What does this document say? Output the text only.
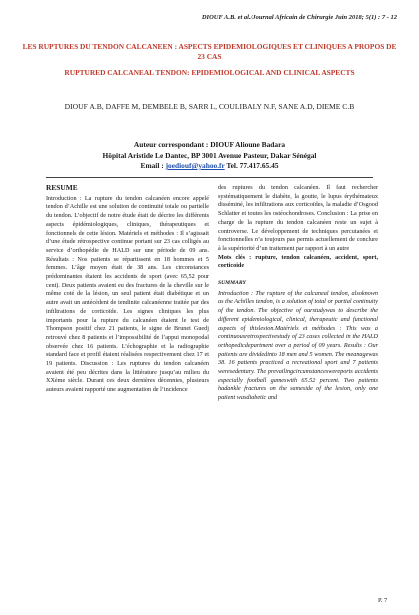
DIOUF A.B. et al./Journal Africain de Chirurgie Juin 2018; 5(1) : 7 - 12
LES RUPTURES DU TENDON CALCANEEN : ASPECTS EPIDEMIOLOGIQUES ET CLINIQUES A PROPOS DE 23 CAS
RUPTURED CALCANEAL TENDON: EPIDEMIOLOGICAL AND CLINICAL ASPECTS
DIOUF A.B, DAFFE M, DEMBELE B, SARR L, COULIBALY N.F, SANE A.D, DIEME C.B
Auteur correspondant : DIOUF Alioune Badara
Hôpital Aristide Le Dantec, BP 3001 Avenue Pasteur, Dakar Sénégal
Email : joediouf@yahoo.fr Tel. 77.417.65.45
RESUME

Introduction : La rupture du tendon calcanéen encore appelé tendon d’Achille est une solution de continuité totale ou partielle du tendon. L’objectif de notre étude était de décrire les différents aspects épidémiologiques, cliniques, thérapeutiques et fonctionnels de cette lésion. Matériels et méthodes : Il s’agissait d’une étude rétrospective continue portant sur 23 cas colligés au service d’orthopédie de HALD sur une période de 09 ans. Résultats : Nos patients se répartissent en 18 hommes et 5 femmes. L’âge moyen était de 38 ans. Les circonstances prédominantes étaient les accidents de sport (avec 65,52 pour cent). Deux patients avaient eu des fractures de la cheville sur le même coté de la lésion, un seul patient était diabétique et un autre avait un antécédent de tendinite calcanéenne traitée par des infiltrations de corticoïde. Les signes cliniques les plus importants pour la rupture du calcanéen étaient le test de Thompson positif chez 21 patients, le signe de Brunet Guedj retrouvé chez 8 patients et l’impossibilité de l’appui monopodal observée chez 16 patients. L’échographie et la radiographie standard face et profil étaient réalisées respectivement chez 17 et 19 patients. Discussion : Les ruptures du tendon calcanéen avaient été peu décrites dans la littérature jusqu’au milieu du XXème siècle. Durant ces deux dernières décennies, plusieurs auteurs avaient rapporté une augmentation de l’incidence

des ruptures du tendon calcanéen. Il faut rechercher systématiquement le diabète, la goutte, le lupus érythémateux disséminé, les infiltrations aux corticoïdes, la maladie d’Osgood Schlatter et toutes les ostéochondroses. Conclusion : La prise en charge de la rupture du tendon calcanéen reste un sujet à controverse. Le développement de techniques percutanées et fonctionnelles n’a toujours pas permis actuellement de conclure à la supériorité d’un traitement par rapport à un autre

Mots clés : rupture, tendon calcanéen, accident, sport, corticoide

SUMMARY

Introduction : The rupture of the calcaneal tendon, alsoknown as the Achilles tendon, is a solution of total or partial continuity of the tendon. The objective of ourstudywas to describe the different epidemiological, clinical, therapeutic and functional aspects of thislesion.Matériels et méthodes : This was a continuousretrospectivestudy of 23 cases collected in the HALD orthopedicdepartment over a period of 09 years. Results : Our patients are dividedinto 18 men and 5 women. The meanagewas 38. 16 patients practiced a recreational sport and 7 patients weresedentary. The prevailingcircumstanceswereports accidents especially football gameswith 65.52 percent. Two patients hadankle fractures on the sameside of the lesion, only one patient wasdiabetic and

P. 7
